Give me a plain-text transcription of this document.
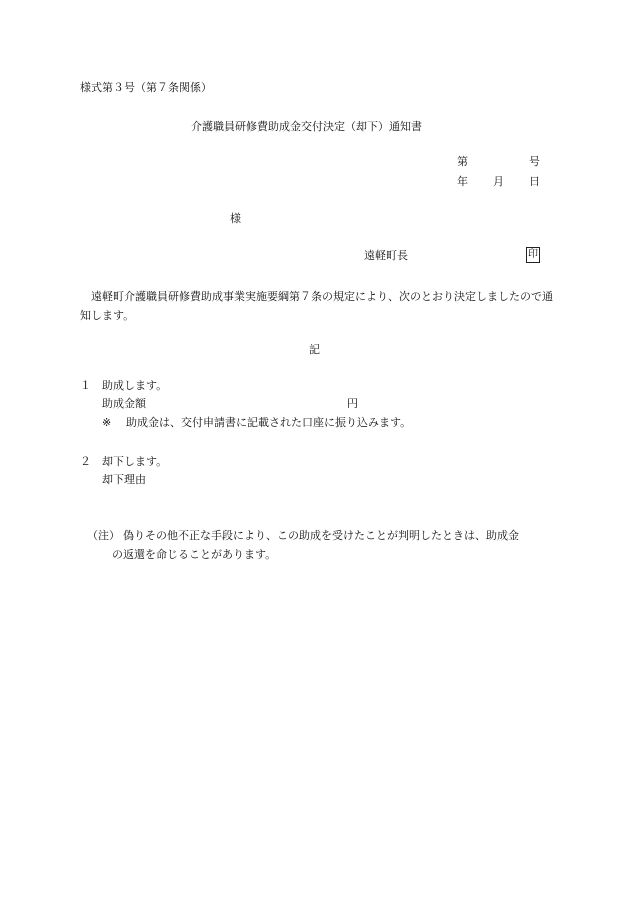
様式第３号（第７条関係）
介護職員研修費助成金交付決定（却下）通知書
第	号
年 月 日
様
遠軽町長	印
遠軽町介護職員研修費助成事業実施要綱第７条の規定により、次のとおり決定しましたので通知します。
記
１ 助成します。
助成金額	円
※ 助成金は、交付申請書に記載された口座に振り込みます。
２ 却下します。
却下理由
（注） 偽りその他不正な手段により、この助成を受けたことが判明したときは、助成金
の返還を命じることがあります。
